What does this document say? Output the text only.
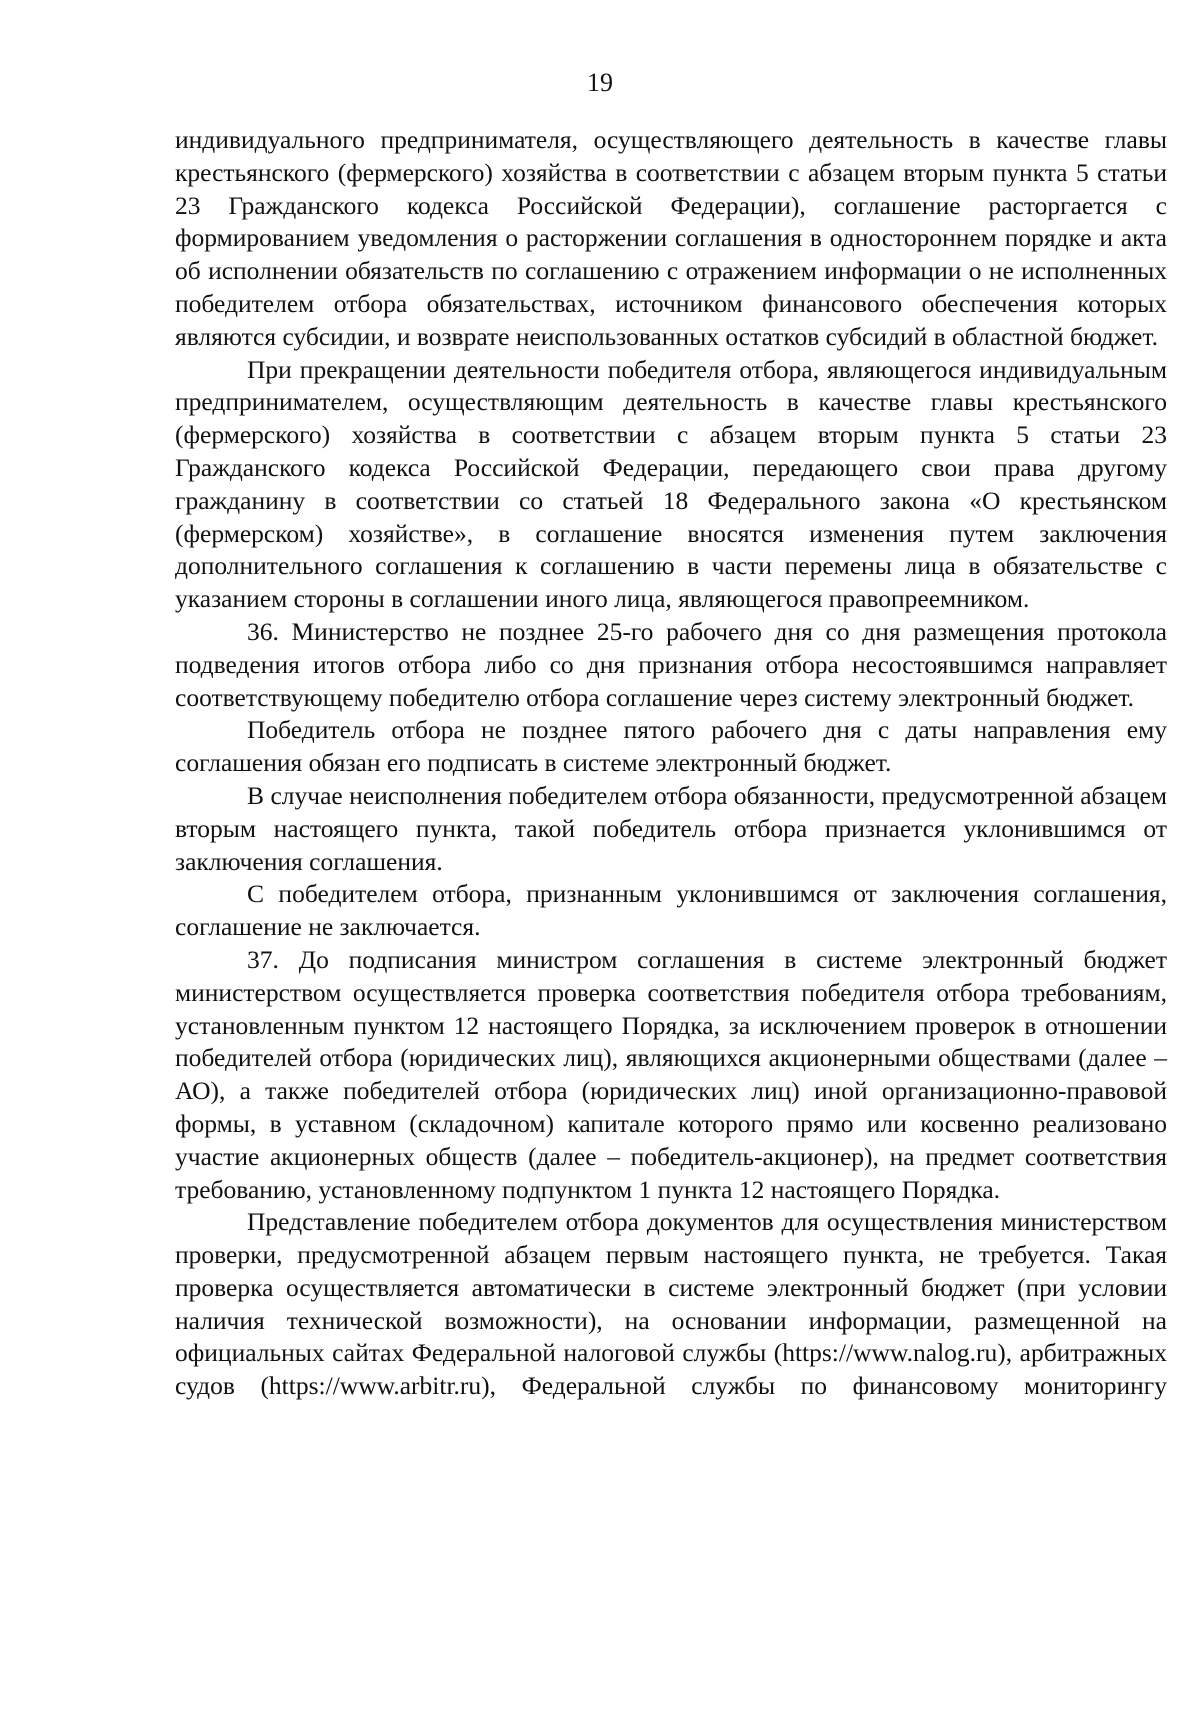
19

индивидуального предпринимателя, осуществляющего деятельность в качестве главы крестьянского (фермерского) хозяйства в соответствии с абзацем вторым пункта 5 статьи 23 Гражданского кодекса Российской Федерации), соглашение расторгается с формированием уведомления о расторжении соглашения в одностороннем порядке и акта об исполнении обязательств по соглашению с отражением информации о не исполненных победителем отбора обязательствах, источником финансового обеспечения которых являются субсидии, и возврате неиспользованных остатков субсидий в областной бюджет.

При прекращении деятельности победителя отбора, являющегося индивидуальным предпринимателем, осуществляющим деятельность в качестве главы крестьянского (фермерского) хозяйства в соответствии с абзацем вторым пункта 5 статьи 23 Гражданского кодекса Российской Федерации, передающего свои права другому гражданину в соответствии со статьей 18 Федерального закона «О крестьянском (фермерском) хозяйстве», в соглашение вносятся изменения путем заключения дополнительного соглашения к соглашению в части перемены лица в обязательстве с указанием стороны в соглашении иного лица, являющегося правопреемником.

36. Министерство не позднее 25-го рабочего дня со дня размещения протокола подведения итогов отбора либо со дня признания отбора несостоявшимся направляет соответствующему победителю отбора соглашение через систему электронный бюджет.

Победитель отбора не позднее пятого рабочего дня с даты направления ему соглашения обязан его подписать в системе электронный бюджет.

В случае неисполнения победителем отбора обязанности, предусмотренной абзацем вторым настоящего пункта, такой победитель отбора признается уклонившимся от заключения соглашения.

С победителем отбора, признанным уклонившимся от заключения соглашения, соглашение не заключается.

37. До подписания министром соглашения в системе электронный бюджет министерством осуществляется проверка соответствия победителя отбора требованиям, установленным пунктом 12 настоящего Порядка, за исключением проверок в отношении победителей отбора (юридических лиц), являющихся акционерными обществами (далее – АО), а также победителей отбора (юридических лиц) иной организационно-правовой формы, в уставном (складочном) капитале которого прямо или косвенно реализовано участие акционерных обществ (далее – победитель-акционер), на предмет соответствия требованию, установленному подпунктом 1 пункта 12 настоящего Порядка.

Представление победителем отбора документов для осуществления министерством проверки, предусмотренной абзацем первым настоящего пункта, не требуется. Такая проверка осуществляется автоматически в системе электронный бюджет (при условии наличия технической возможности), на основании информации, размещенной на официальных сайтах Федеральной налоговой службы (https://www.nalog.ru), арбитражных судов (https://www.arbitr.ru), Федеральной службы по финансовому мониторингу
